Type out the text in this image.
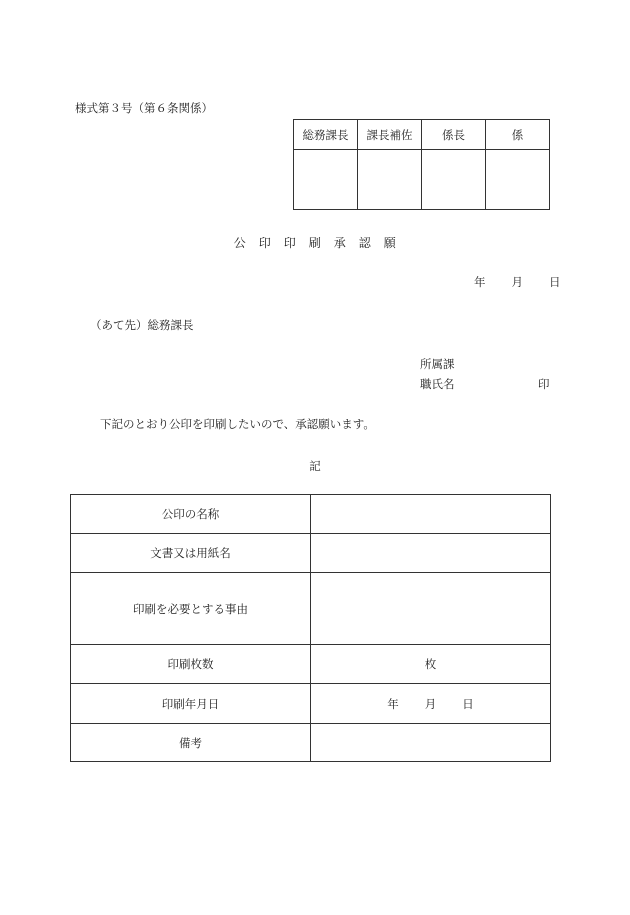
様式第３号（第６条関係）
総務課長	課長補佐	係長	係

公　印　印　刷　承　認　願
年 月 日
（あて先）総務課長
所属課
職氏名	印
下記のとおり公印を印刷したいので、承認願います。
記
公印の名称	
文書又は用紙名	
印刷を必要とする事由	
印刷枚数	枚
印刷年月日	年 月 日
備考	
